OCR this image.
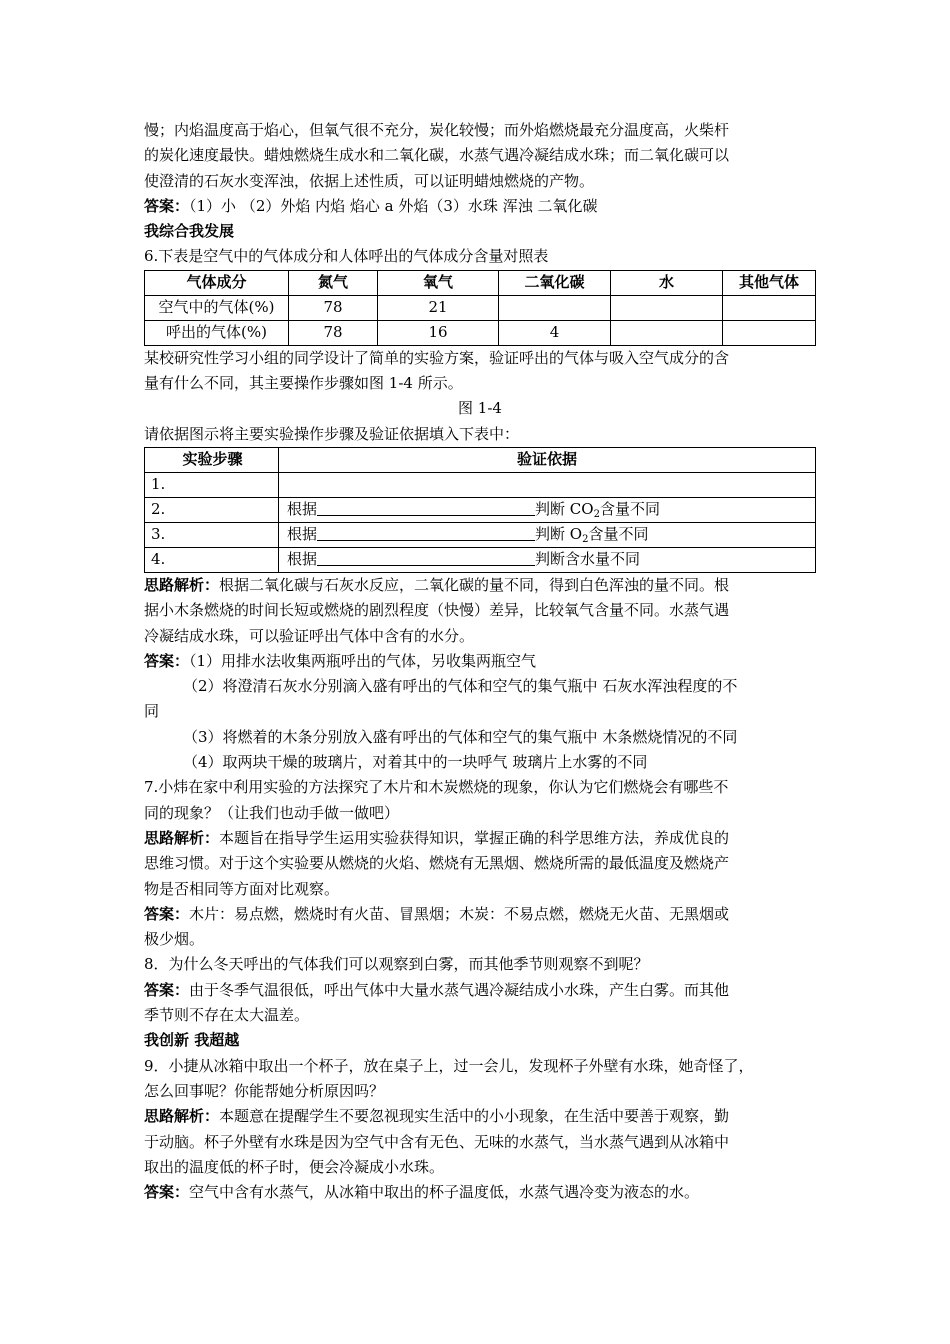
慢；内焰温度高于焰心，但氧气很不充分，炭化较慢；而外焰燃烧最充分温度高，火柴杆

的炭化速度最快。蜡烛燃烧生成水和二氧化碳，水蒸气遇冷凝结成水珠；而二氧化碳可以

使澄清的石灰水变浑浊，依据上述性质，可以证明蜡烛燃烧的产物。

答案：（1）小 （2）外焰 内焰 焰心 a 外焰（3）水珠 浑浊 二氧化碳

我综合我发展

6.下表是空气中的气体成分和人体呼出的气体成分含量对照表

气体成分	氮气	氧气	二氧化碳	水	其他气体
空气中的气体(%)	78	21			
呼出的气体(%)	78	16	4		

某校研究性学习小组的同学设计了简单的实验方案，验证呼出的气体与吸入空气成分的含

量有什么不同，其主要操作步骤如图 1-4 所示。

图 1-4

请依据图示将主要实验操作步骤及验证依据填入下表中：

实验步骤	验证依据
1.	
2.	根据 判断 $CO_2$含量不同
3.	根据 判断 $O_2$含量不同
4.	根据 判断含水量不同

思路解析：根据二氧化碳与石灰水反应，二氧化碳的量不同，得到白色浑浊的量不同。根

据小木条燃烧的时间长短或燃烧的剧烈程度（快慢）差异，比较氧气含量不同。水蒸气遇

冷凝结成水珠，可以验证呼出气体中含有的水分。

答案：（1）用排水法收集两瓶呼出的气体，另收集两瓶空气

（2）将澄清石灰水分别滴入盛有呼出的气体和空气的集气瓶中 石灰水浑浊程度的不

同

（3）将燃着的木条分别放入盛有呼出的气体和空气的集气瓶中 木条燃烧情况的不同

（4）取两块干燥的玻璃片，对着其中的一块呼气 玻璃片上水雾的不同

7.小炜在家中利用实验的方法探究了木片和木炭燃烧的现象，你认为它们燃烧会有哪些不

同的现象？（让我们也动手做一做吧）

思路解析：本题旨在指导学生运用实验获得知识，掌握正确的科学思维方法，养成优良的

思维习惯。对于这个实验要从燃烧的火焰、燃烧有无黑烟、燃烧所需的最低温度及燃烧产

物是否相同等方面对比观察。

答案：木片：易点燃，燃烧时有火苗、冒黑烟；木炭：不易点燃，燃烧无火苗、无黑烟或

极少烟。

8．为什么冬天呼出的气体我们可以观察到白雾，而其他季节则观察不到呢？

答案：由于冬季气温很低，呼出气体中大量水蒸气遇冷凝结成小水珠，产生白雾。而其他

季节则不存在太大温差。

我创新 我超越

9．小捷从冰箱中取出一个杯子，放在桌子上，过一会儿，发现杯子外壁有水珠，她奇怪了，

怎么回事呢？你能帮她分析原因吗？

思路解析：本题意在提醒学生不要忽视现实生活中的小小现象，在生活中要善于观察，勤

于动脑。杯子外壁有水珠是因为空气中含有无色、无味的水蒸气，当水蒸气遇到从冰箱中

取出的温度低的杯子时，便会冷凝成小水珠。

答案：空气中含有水蒸气，从冰箱中取出的杯子温度低，水蒸气遇冷变为液态的水。
